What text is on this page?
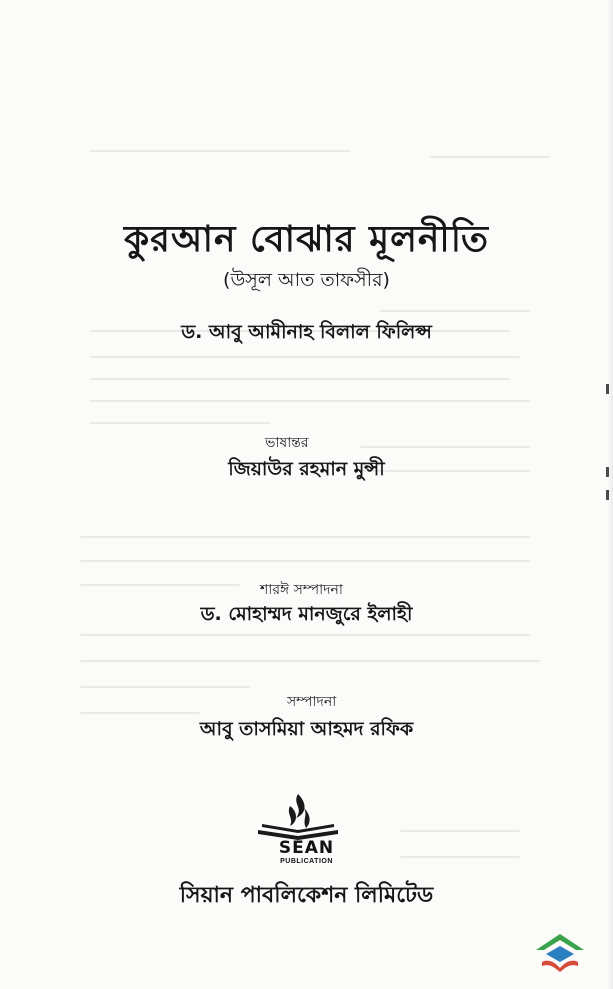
কুরআন বোঝার মূলনীতি
(উসূল আত তাফসীর)
ড. আবু আমীনাহ বিলাল ফিলিপ্স
ভাষান্তর
জিয়াউর রহমান মুন্সী
শারঈ সম্পাদনা
ড. মোহাম্মদ মানজুরে ইলাহী
সম্পাদনা
আবু তাসমিয়া আহমদ রফিক
SEAN
PUBLICATION
সিয়ান পাবলিকেশন লিমিটেড
